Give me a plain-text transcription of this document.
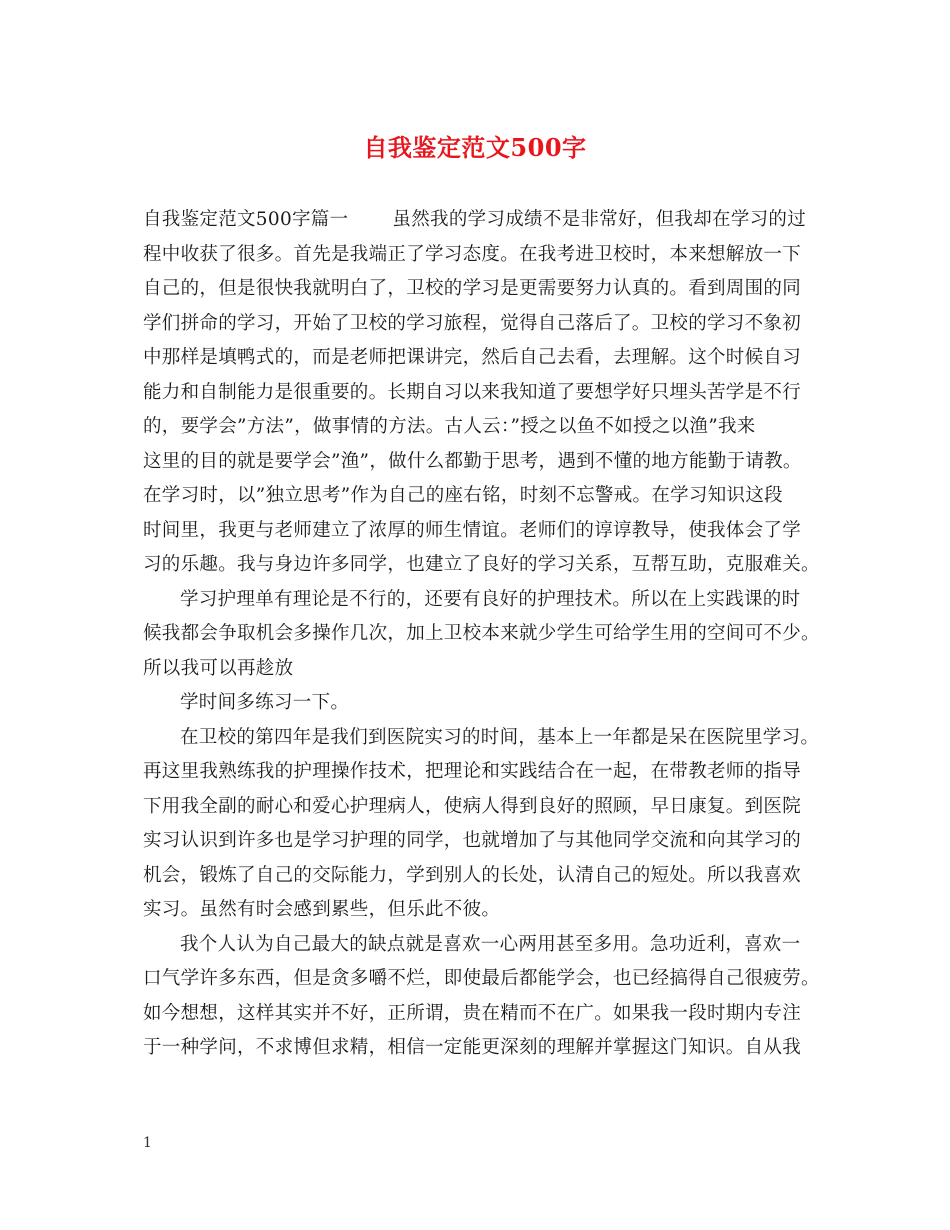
自我鉴定范文500字
自我鉴定范文500字篇一 虽然我的学习成绩不是非常好，但我却在学习的过
程中收获了很多。首先是我端正了学习态度。在我考进卫校时，本来想解放一下
自己的，但是很快我就明白了，卫校的学习是更需要努力认真的。看到周围的同
学们拼命的学习，开始了卫校的学习旅程，觉得自己落后了。卫校的学习不象初
中那样是填鸭式的，而是老师把课讲完，然后自己去看，去理解。这个时候自习
能力和自制能力是很重要的。长期自习以来我知道了要想学好只埋头苦学是不行
的，要学会”方法”，做事情的方法。古人云：”授之以鱼不如授之以渔”我来
这里的目的就是要学会”渔”，做什么都勤于思考，遇到不懂的地方能勤于请教。
在学习时，以”独立思考”作为自己的座右铭，时刻不忘警戒。在学习知识这段
时间里，我更与老师建立了浓厚的师生情谊。老师们的谆谆教导，使我体会了学
习的乐趣。我与身边许多同学，也建立了良好的学习关系，互帮互助，克服难关。
学习护理单有理论是不行的，还要有良好的护理技术。所以在上实践课的时
候我都会争取机会多操作几次，加上卫校本来就少学生可给学生用的空间可不少。
所以我可以再趁放
学时间多练习一下。
在卫校的第四年是我们到医院实习的时间，基本上一年都是呆在医院里学习。
再这里我熟练我的护理操作技术，把理论和实践结合在一起，在带教老师的指导
下用我全副的耐心和爱心护理病人，使病人得到良好的照顾，早日康复。到医院
实习认识到许多也是学习护理的同学，也就增加了与其他同学交流和向其学习的
机会，锻炼了自己的交际能力，学到别人的长处，认清自己的短处。所以我喜欢
实习。虽然有时会感到累些，但乐此不彼。
我个人认为自己最大的缺点就是喜欢一心两用甚至多用。急功近利，喜欢一
口气学许多东西，但是贪多嚼不烂，即使最后都能学会，也已经搞得自己很疲劳。
如今想想，这样其实并不好，正所谓，贵在精而不在广。如果我一段时期内专注
于一种学问，不求博但求精，相信一定能更深刻的理解并掌握这门知识。自从我
1
